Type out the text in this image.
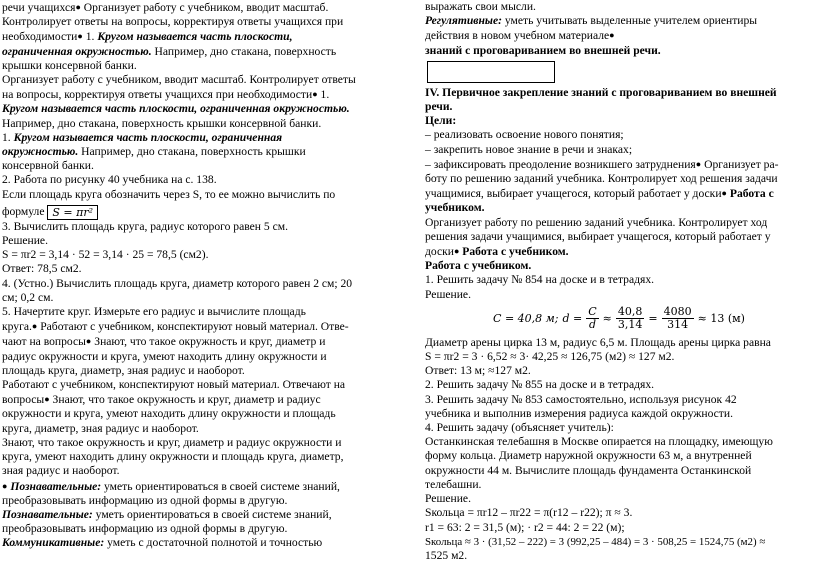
речи учащихся● Организует работу с учебником, вводит масштаб.

Контролирует ответы на вопросы, корректируя ответы учащихся при

необходимости● 1. Кругом называется часть плоскости,

ограниченная окружностью. Например, дно стакана, поверхность

крышки консервной банки.

Организует работу с учебником, вводит масштаб. Контролирует ответы

на вопросы, корректируя ответы учащихся при необходимости● 1.

Кругом называется часть плоскости, ограниченная окружностью.

Например, дно стакана, поверхность крышки консервной банки.

1. Кругом называется часть плоскости, ограниченная

окружностью. Например, дно стакана, поверхность крышки

консервной банки.

2. Работа по рисунку 40 учебника на с. 138.

Если площадь круга обозначить через S, то ее можно вычислить по

формуле S = πr²

3. Вычислить площадь круга, радиус которого равен 5 см.

Решение.

S = πr2 = 3,14 · 52 = 3,14 · 25 = 78,5 (см2).

Ответ: 78,5 см2.

4. (Устно.) Вычислить площадь круга, диаметр которого равен 2 см; 20

см; 0,2 см.

5. Начертите круг. Измерьте его радиус и вычислите площадь

круга.● Работают с учебником, конспектируют новый материал. Отве-

чают на вопросы● Знают, что такое окружность и круг, диаметр и

радиус окружности и круга, умеют находить длину окружности и

площадь круга, диаметр, зная радиус и наоборот.

Работают с учебником, конспектируют новый материал. Отвечают на

вопросы● Знают, что такое окружность и круг, диаметр и радиус

окружности и круга, умеют находить длину окружности и площадь

круга, диаметр, зная радиус и наоборот.

Знают, что такое окружность и круг, диаметр и радиус окружности и

круга, умеют находить длину окружности и площадь круга, диаметр,

зная радиус и наоборот.

● Познавательные: уметь ориентироваться в своей системе знаний,

преобразовывать информацию из одной формы в другую.

Познавательные: уметь ориентироваться в своей системе знаний,

преобразовывать информацию из одной формы в другую.

Коммуникативные: уметь с достаточной полнотой и точностью

выражать свои мысли.

Регулятивные: уметь учитывать выделенные учителем ориентиры

действия в новом учебном материале●

знаний с проговариванием во внешней речи.

IV. Первичное закрепление знаний с проговариванием во внешней

речи.

Цели:

– реализовать освоение нового понятия;

– закрепить новое знание в речи и знаках;

– зафиксировать преодоление возникшего затруднения● Организует ра-

боту по решению заданий учебника. Контролирует ход решения задачи

учащимися, выбирает учащегося, который работает у доски● Работа с

учебником.

Организует работу по решению заданий учебника. Контролирует ход

решения задачи учащимися, выбирает учащегося, который работает у

доски● Работа с учебником.

Работа с учебником.

1. Решить задачу № 854 на доске и в тетрадях.

Решение.

C = 40,8 м; $d = \frac{C}{d} \approx \frac{40,8}{3,14} = \frac{4080}{314} \approx 13$ (м)

Диаметр арены цирка 13 м, радиус 6,5 м. Площадь арены цирка равна

S = πr2 = 3 · 6,52 ≈ 3· 42,25 ≈ 126,75 (м2) ≈ 127 м2.

Ответ: 13 м; ≈127 м2.

2. Решить задачу № 855 на доске и в тетрадях.

3. Решить задачу № 853 самостоятельно, используя рисунок 42

учебника и выполнив измерения радиуса каждой окружности.

4. Решить задачу (объясняет учитель):

Останкинская телебашня в Москве опирается на площадку, имеющую

форму кольца. Диаметр наружной окружности 63 м, а внутренней

окружности 44 м. Вычислите площадь фундамента Останкинской

телебашни.

Решение.

Sкольца = πr12 – πr22 = π(r12 – r22); π ≈ 3.

r1 = 63: 2 = 31,5 (м); · r2 = 44: 2 = 22 (м);

Sкольца ≈ 3 · (31,52 – 222) = 3 (992,25 – 484) = 3 · 508,25 = 1524,75 (м2) ≈

1525 м2.
